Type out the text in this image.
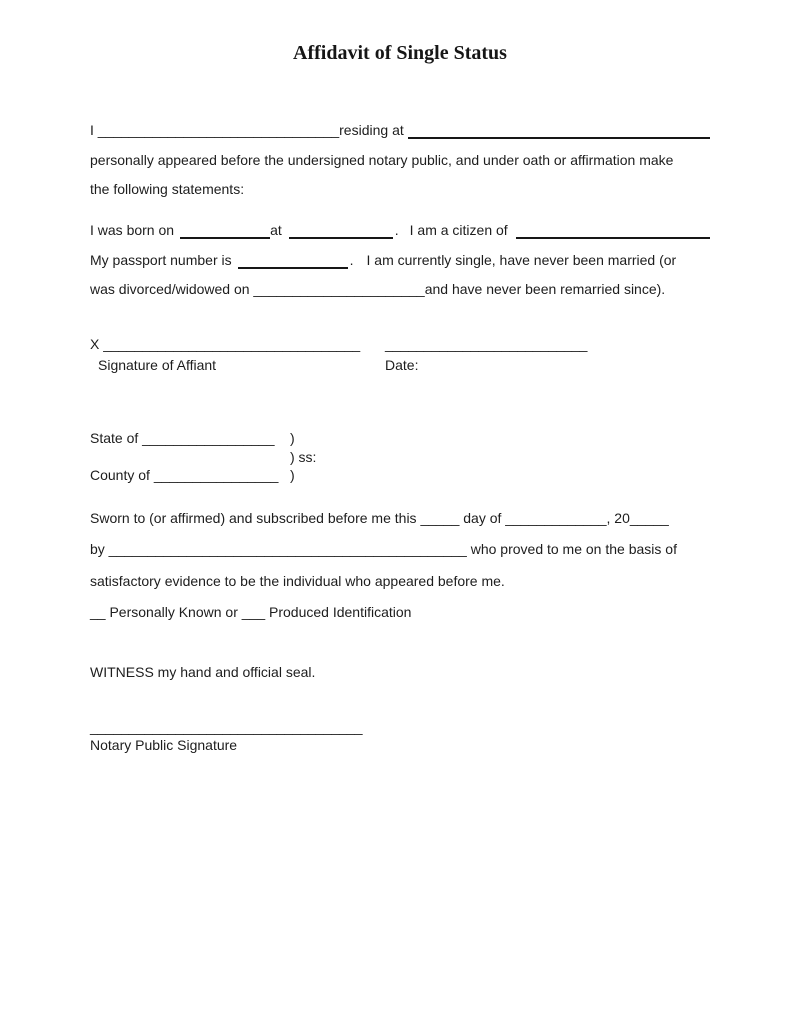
Affidavit of Single Status
I _______________________________residing at
personally appeared before the undersigned notary public, and under oath or affirmation make
the following statements:
I was born on	at	. I am a citizen of
My passport number is	. I am currently single, have never been married (or
was divorced/widowed on ______________________and have never been remarried since).
X _________________________________	__________________________
Signature of Affiant	Date:
State of _________________	)
) ss:
County of ________________ )
Sworn to (or affirmed) and subscribed before me this _____ day of _____________, 20_____
by ______________________________________________ who proved to me on the basis of
satisfactory evidence to be the individual who appeared before me.
__ Personally Known or ___ Produced Identification
WITNESS my hand and official seal.
___________________________________
Notary Public Signature
